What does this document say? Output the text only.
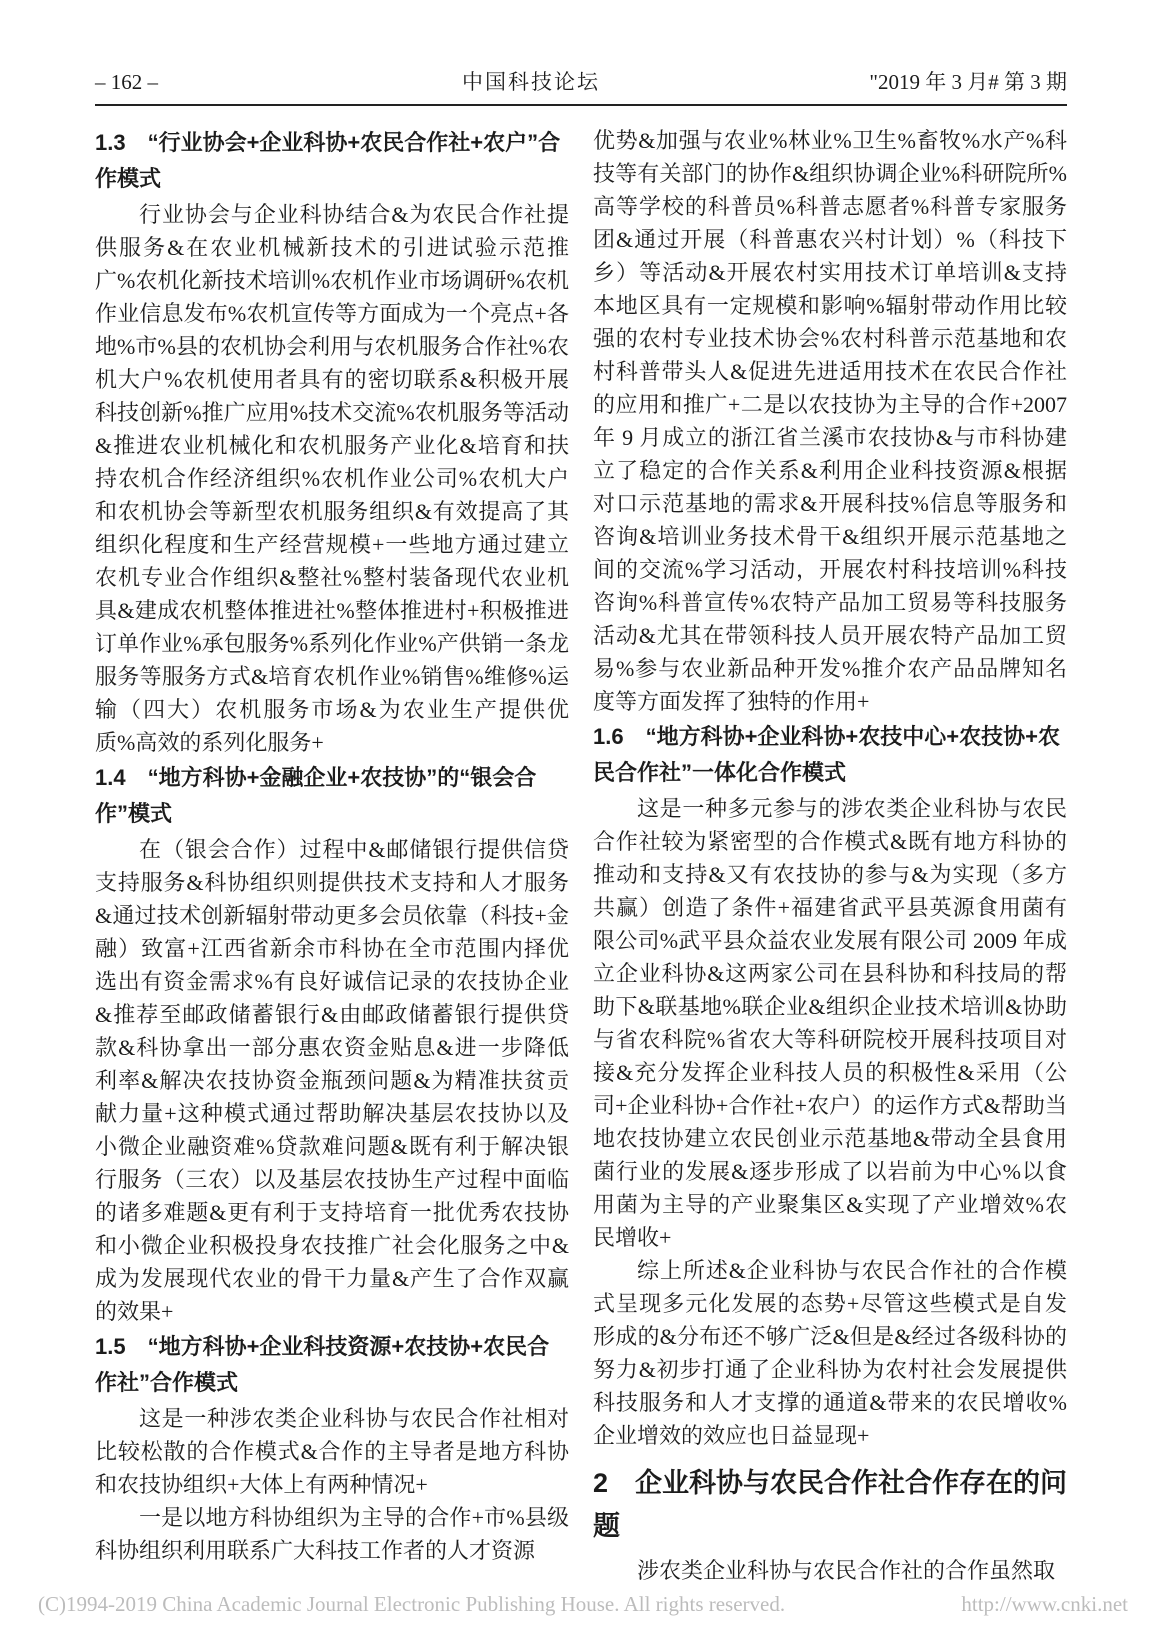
– 162 –	中国科技论坛	"2019 年 3 月# 第 3 期

1.3　“行业协会+企业科协+农民合作社+农户”合作模式

行业协会与企业科协结合&为农民合作社提供服务&在农业机械新技术的引进试验示范推广%农机化新技术培训%农机作业市场调研%农机作业信息发布%农机宣传等方面成为一个亮点+各地%市%县的农机协会利用与农机服务合作社%农机大户%农机使用者具有的密切联系&积极开展科技创新%推广应用%技术交流%农机服务等活动&推进农业机械化和农机服务产业化&培育和扶持农机合作经济组织%农机作业公司%农机大户和农机协会等新型农机服务组织&有效提高了其组织化程度和生产经营规模+一些地方通过建立农机专业合作组织&整社%整村装备现代农业机具&建成农机整体推进社%整体推进村+积极推进订单作业%承包服务%系列化作业%产供销一条龙服务等服务方式&培育农机作业%销售%维修%运输（四大）农机服务市场&为农业生产提供优质%高效的系列化服务+

1.4　“地方科协+金融企业+农技协”的“银会合作”模式

在（银会合作）过程中&邮储银行提供信贷支持服务&科协组织则提供技术支持和人才服务&通过技术创新辐射带动更多会员依靠（科技+金融）致富+江西省新余市科协在全市范围内择优选出有资金需求%有良好诚信记录的农技协企业&推荐至邮政储蓄银行&由邮政储蓄银行提供贷款&科协拿出一部分惠农资金贴息&进一步降低利率&解决农技协资金瓶颈问题&为精准扶贫贡献力量+这种模式通过帮助解决基层农技协以及小微企业融资难%贷款难问题&既有利于解决银行服务（三农）以及基层农技协生产过程中面临的诸多难题&更有利于支持培育一批优秀农技协和小微企业积极投身农技推广社会化服务之中&成为发展现代农业的骨干力量&产生了合作双赢的效果+

1.5　“地方科协+企业科技资源+农技协+农民合作社”合作模式

这是一种涉农类企业科协与农民合作社相对比较松散的合作模式&合作的主导者是地方科协和农技协组织+大体上有两种情况+

一是以地方科协组织为主导的合作+市%县级科协组织利用联系广大科技工作者的人才资源

优势&加强与农业%林业%卫生%畜牧%水产%科技等有关部门的协作&组织协调企业%科研院所%高等学校的科普员%科普志愿者%科普专家服务团&通过开展（科普惠农兴村计划）%（科技下乡）等活动&开展农村实用技术订单培训&支持本地区具有一定规模和影响%辐射带动作用比较强的农村专业技术协会%农村科普示范基地和农村科普带头人&促进先进适用技术在农民合作社的应用和推广+二是以农技协为主导的合作+2007 年 9 月成立的浙江省兰溪市农技协&与市科协建立了稳定的合作关系&利用企业科技资源&根据对口示范基地的需求&开展科技%信息等服务和咨询&培训业务技术骨干&组织开展示范基地之间的交流%学习活动，开展农村科技培训%科技咨询%科普宣传%农特产品加工贸易等科技服务活动&尤其在带领科技人员开展农特产品加工贸易%参与农业新品种开发%推介农产品品牌知名度等方面发挥了独特的作用+

1.6　“地方科协+企业科协+农技中心+农技协+农民合作社”一体化合作模式

这是一种多元参与的涉农类企业科协与农民合作社较为紧密型的合作模式&既有地方科协的推动和支持&又有农技协的参与&为实现（多方共赢）创造了条件+福建省武平县英源食用菌有限公司%武平县众益农业发展有限公司 2009 年成立企业科协&这两家公司在县科协和科技局的帮助下&联基地%联企业&组织企业技术培训&协助与省农科院%省农大等科研院校开展科技项目对接&充分发挥企业科技人员的积极性&采用（公司+企业科协+合作社+农户）的运作方式&帮助当地农技协建立农民创业示范基地&带动全县食用菌行业的发展&逐步形成了以岩前为中心%以食用菌为主导的产业聚集区&实现了产业增效%农民增收+

综上所述&企业科协与农民合作社的合作模式呈现多元化发展的态势+尽管这些模式是自发形成的&分布还不够广泛&但是&经过各级科协的努力&初步打通了企业科协为农村社会发展提供科技服务和人才支撑的通道&带来的农民增收%企业增效的效应也日益显现+

2　企业科协与农民合作社合作存在的问题

涉农类企业科协与农民合作社的合作虽然取

(C)1994-2019 China Academic Journal Electronic Publishing House. All rights reserved.	http://www.cnki.net
